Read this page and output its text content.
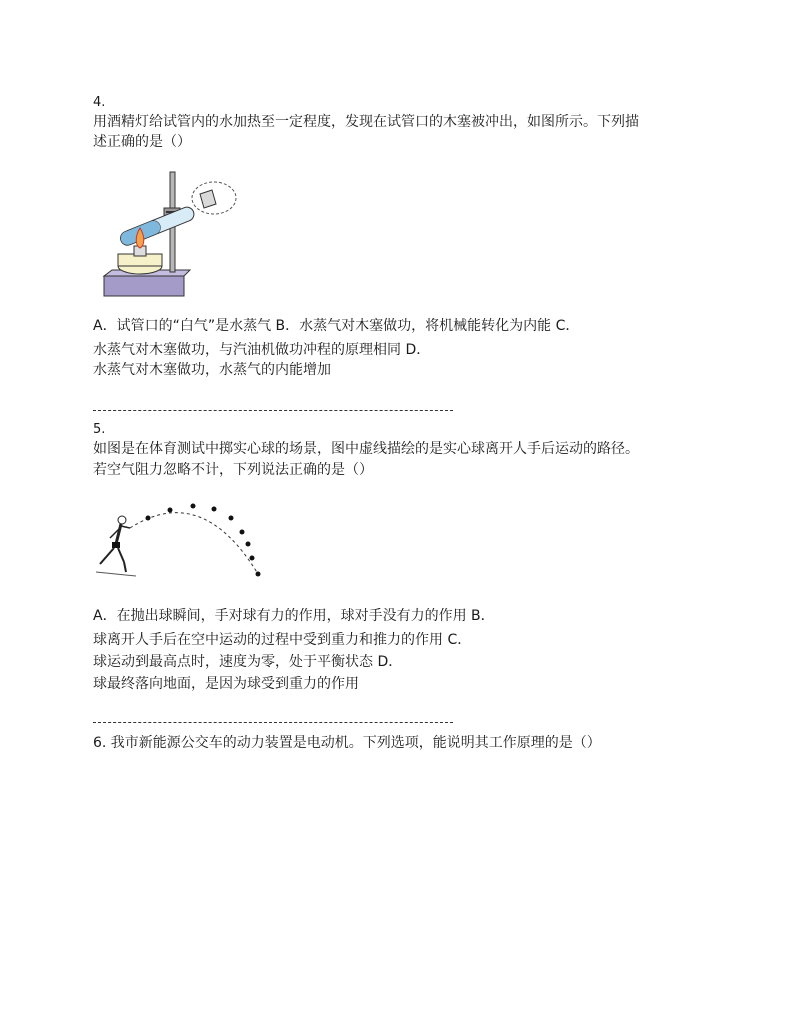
4.
用酒精灯给试管内的水加热至一定程度，发现在试管口的木塞被冲出，如图所示。下列描
述正确的是（）
A．试管口的“白气”是水蒸气 B．水蒸气对木塞做功，将机械能转化为内能 C．
水蒸气对木塞做功，与汽油机做功冲程的原理相同 D．
水蒸气对木塞做功，水蒸气的内能增加
5.
如图是在体育测试中掷实心球的场景，图中虚线描绘的是实心球离开人手后运动的路径。
若空气阻力忽略不计，下列说法正确的是（）
A．在抛出球瞬间，手对球有力的作用，球对手没有力的作用 B．
球离开人手后在空中运动的过程中受到重力和推力的作用 C．
球运动到最高点时，速度为零，处于平衡状态 D．
球最终落向地面，是因为球受到重力的作用
6. 我市新能源公交车的动力装置是电动机。下列选项，能说明其工作原理的是（）
